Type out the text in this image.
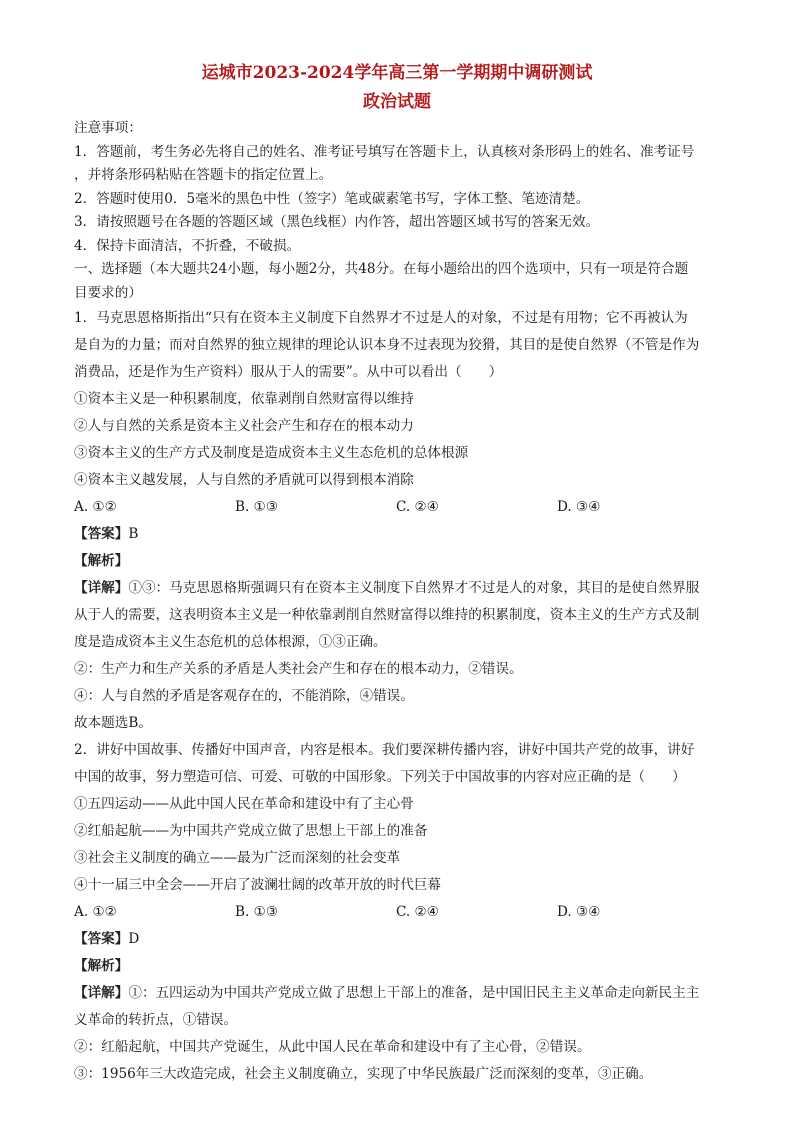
运城市2023-2024学年高三第一学期期中调研测试
政治试题
注意事项：
1．答题前，考生务必先将自己的姓名、准考证号填写在答题卡上，认真核对条形码上的姓名、准考证号
，并将条形码粘贴在答题卡的指定位置上。
2．答题时使用0．5毫米的黑色中性（签字）笔或碳素笔书写，字体工整、笔迹清楚。
3．请按照题号在各题的答题区域（黑色线框）内作答，超出答题区域书写的答案无效。
4．保持卡面清洁，不折叠，不破损。
一、选择题（本大题共24小题，每小题2分，共48分。在每小题给出的四个选项中，只有一项是符合题
目要求的）
1．马克思恩格斯指出“只有在资本主义制度下自然界才不过是人的对象，不过是有用物；它不再被认为
是自为的力量；而对自然界的独立规律的理论认识本身不过表现为狡猾，其目的是使自然界（不管是作为
消费品，还是作为生产资料）服从于人的需要”。从中可以看出（　　）
①资本主义是一种积累制度，依靠剥削自然财富得以维持
②人与自然的关系是资本主义社会产生和存在的根本动力
③资本主义的生产方式及制度是造成资本主义生态危机的总体根源
④资本主义越发展，人与自然的矛盾就可以得到根本消除
A. ①②	B. ①③	C. ②④	D. ③④
【答案】B
【解析】
【详解】①③：马克思恩格斯强调只有在资本主义制度下自然界才不过是人的对象，其目的是使自然界服
从于人的需要，这表明资本主义是一种依靠剥削自然财富得以维持的积累制度，资本主义的生产方式及制
度是造成资本主义生态危机的总体根源，①③正确。
②：生产力和生产关系的矛盾是人类社会产生和存在的根本动力，②错误。
④：人与自然的矛盾是客观存在的，不能消除，④错误。
故本题选B。
2．讲好中国故事、传播好中国声音，内容是根本。我们要深耕传播内容，讲好中国共产党的故事，讲好
中国的故事，努力塑造可信、可爱、可敬的中国形象。下列关于中国故事的内容对应正确的是（　　）
①五四运动——从此中国人民在革命和建设中有了主心骨
②红船起航——为中国共产党成立做了思想上干部上的准备
③社会主义制度的确立——最为广泛而深刻的社会变革
④十一届三中全会——开启了波澜壮阔的改革开放的时代巨幕
A. ①②	B. ①③	C. ②④	D. ③④
【答案】D
【解析】
【详解】①：五四运动为中国共产党成立做了思想上干部上的准备，是中国旧民主主义革命走向新民主主
义革命的转折点，①错误。
②：红船起航，中国共产党诞生，从此中国人民在革命和建设中有了主心骨，②错误。
③：1956年三大改造完成，社会主义制度确立，实现了中华民族最广泛而深刻的变革，③正确。
